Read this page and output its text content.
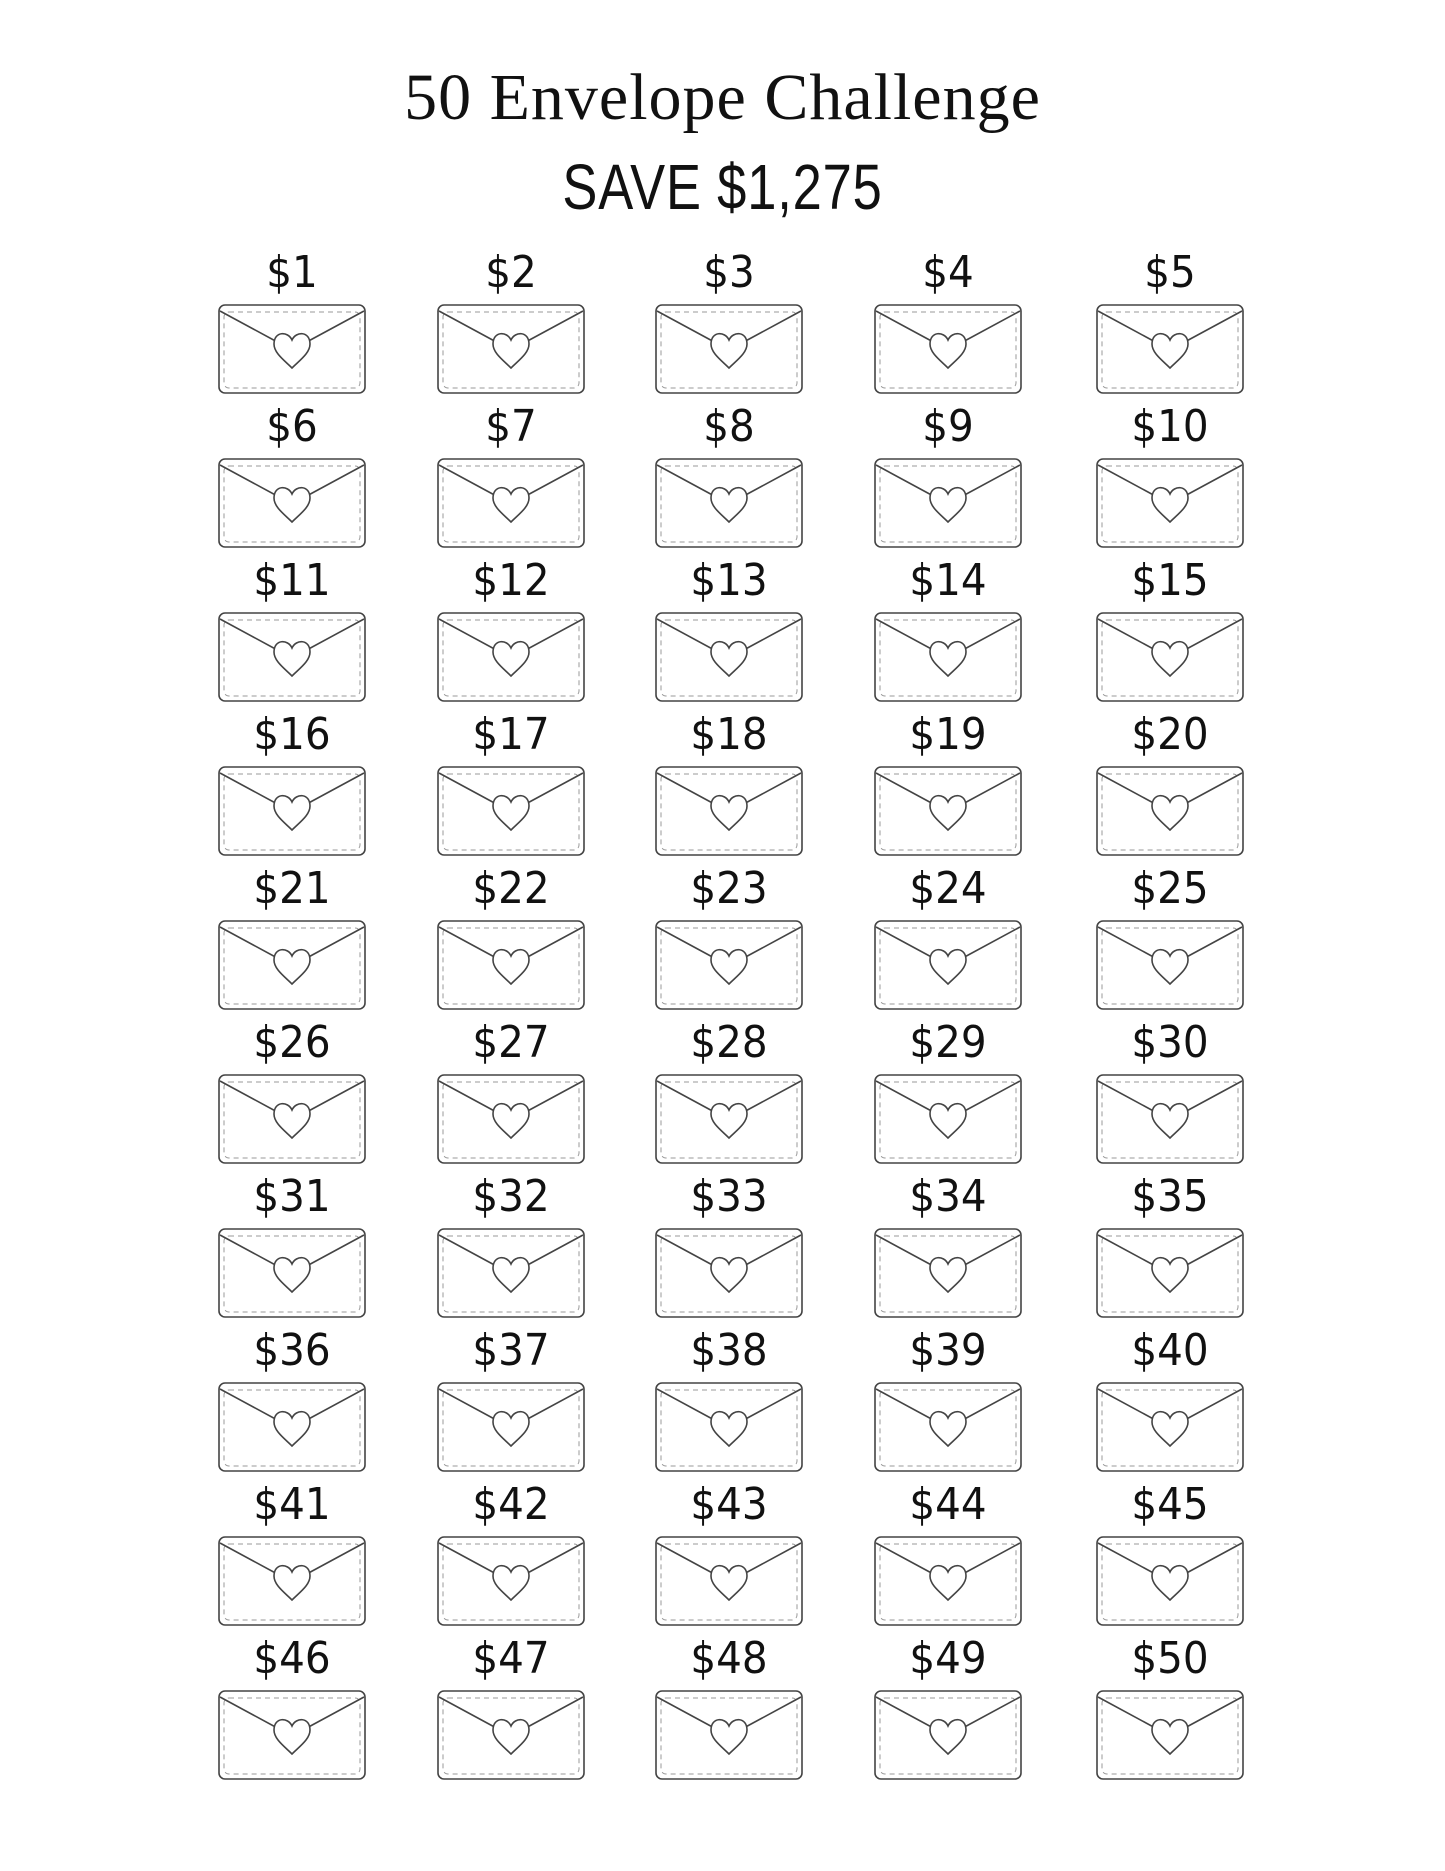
50 Envelope Challenge
SAVE $1,275
$1	$2	$3	$4	$5
$6	$7	$8	$9	$10
$11	$12	$13	$14	$15
$16	$17	$18	$19	$20
$21	$22	$23	$24	$25
$26	$27	$28	$29	$30
$31	$32	$33	$34	$35
$36	$37	$38	$39	$40
$41	$42	$43	$44	$45
$46	$47	$48	$49	$50
